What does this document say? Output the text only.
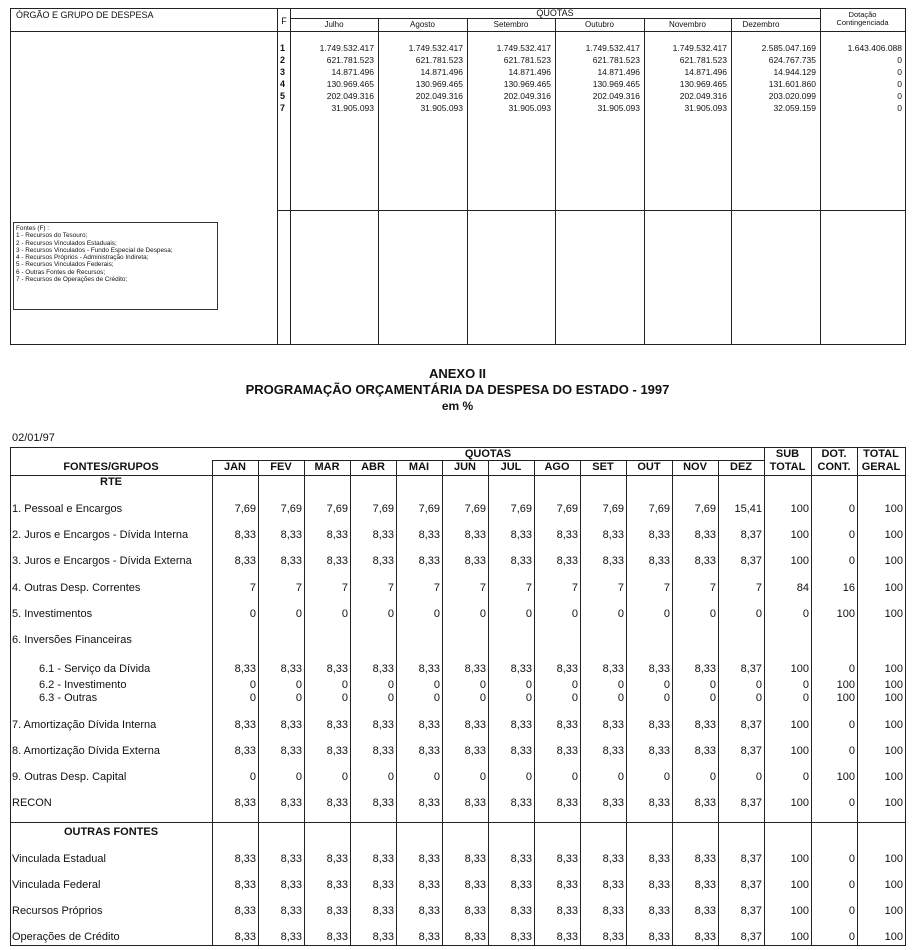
ÓRGÃO E GRUPO DE DESPESA
F
QUOTAS
Julho	Agosto	Setembro	Outubro	Novembro	Dezembro
Dotação
Contingenciada
1	1.749.532.417	1.749.532.417	1.749.532.417	1.749.532.417	1.749.532.417	2.585.047.169	1.643.406.088
2	621.781.523	621.781.523	621.781.523	621.781.523	621.781.523	624.767.735	0
3	14.871.496	14.871.496	14.871.496	14.871.496	14.871.496	14.944.129	0
4	130.969.465	130.969.465	130.969.465	130.969.465	130.969.465	131.601.860	0
5	202.049.316	202.049.316	202.049.316	202.049.316	202.049.316	203.020.099	0
7	31.905.093	31.905.093	31.905.093	31.905.093	31.905.093	32.059.159	0
Fontes (F) :
1 - Recursos do Tesouro;
2 - Recursos Vinculados Estaduais;
3 - Recursos Vinculados - Fundo Especial de Despesa;
4 - Recursos Próprios - Administração Indireta;
5 - Recursos Vinculados Federais;
6 - Outras Fontes de Recursos;
7 - Recursos de Operações de Crédito;
ANEXO II
PROGRAMAÇÃO ORÇAMENTÁRIA DA DESPESA DO ESTADO - 1997
em %
02/01/97
FONTES/GRUPOS
QUOTAS
JAN	FEV	MAR	ABR	MAI	JUN	JUL	AGO	SET	OUT	NOV	DEZ
SUB
TOTAL
DOT.
CONT.
TOTAL
GERAL
RTE
OUTRAS FONTES
1. Pessoal e Encargos	7,69	7,69	7,69	7,69	7,69	7,69	7,69	7,69	7,69	7,69	7,69	15,41	100	0	100
2. Juros e Encargos - Dívida Interna	8,33	8,33	8,33	8,33	8,33	8,33	8,33	8,33	8,33	8,33	8,33	8,37	100	0	100
3. Juros e Encargos - Dívida Externa	8,33	8,33	8,33	8,33	8,33	8,33	8,33	8,33	8,33	8,33	8,33	8,37	100	0	100
4. Outras Desp. Correntes	7	7	7	7	7	7	7	7	7	7	7	7	84	16	100
5. Investimentos	0	0	0	0	0	0	0	0	0	0	0	0	0	100	100
6. Inversões Financeiras
6.1 - Serviço da Dívida	8,33	8,33	8,33	8,33	8,33	8,33	8,33	8,33	8,33	8,33	8,33	8,37	100	0	100
6.2 - Investimento	0	0	0	0	0	0	0	0	0	0	0	0	0	100	100
6.3 - Outras	0	0	0	0	0	0	0	0	0	0	0	0	0	100	100
7. Amortização Dívida Interna	8,33	8,33	8,33	8,33	8,33	8,33	8,33	8,33	8,33	8,33	8,33	8,37	100	0	100
8. Amortização Dívida Externa	8,33	8,33	8,33	8,33	8,33	8,33	8,33	8,33	8,33	8,33	8,33	8,37	100	0	100
9. Outras Desp. Capital	0	0	0	0	0	0	0	0	0	0	0	0	0	100	100
RECON	8,33	8,33	8,33	8,33	8,33	8,33	8,33	8,33	8,33	8,33	8,33	8,37	100	0	100
Vinculada Estadual	8,33	8,33	8,33	8,33	8,33	8,33	8,33	8,33	8,33	8,33	8,33	8,37	100	0	100
Vinculada Federal	8,33	8,33	8,33	8,33	8,33	8,33	8,33	8,33	8,33	8,33	8,33	8,37	100	0	100
Recursos Próprios	8,33	8,33	8,33	8,33	8,33	8,33	8,33	8,33	8,33	8,33	8,33	8,37	100	0	100
Operações de Crédito	8,33	8,33	8,33	8,33	8,33	8,33	8,33	8,33	8,33	8,33	8,33	8,37	100	0	100
